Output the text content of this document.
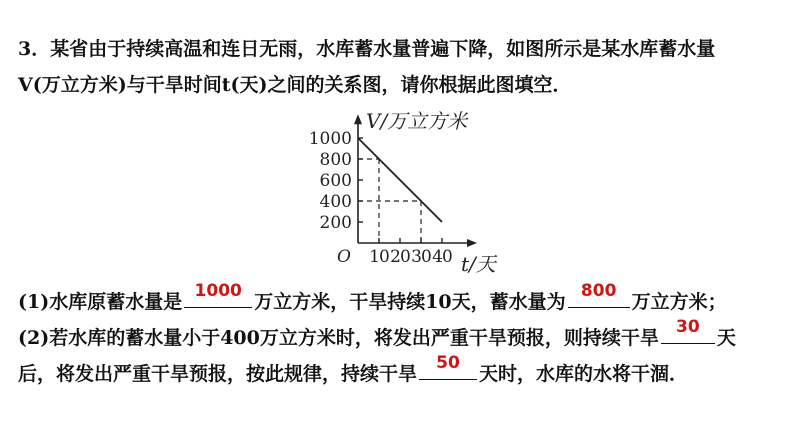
3．某省由于持续高温和连日无雨，水库蓄水量普遍下降，如图所示是某水库蓄水量
V(万立方米)与干旱时间t(天)之间的关系图，请你根据此图填空．
200
400
600
800
1000
10 20 30 40
O
V/万立方米
t/天
(1)水库原蓄水量是 1000 万立方米，干旱持续10天，蓄水量为 800 万立方米；
(2)若水库的蓄水量小于400万立方米时，将发出严重干旱预报，则持续干旱	30 天
后，将发出严重干旱预报，按此规律，持续干旱	50	天时，水库的水将干涸．
